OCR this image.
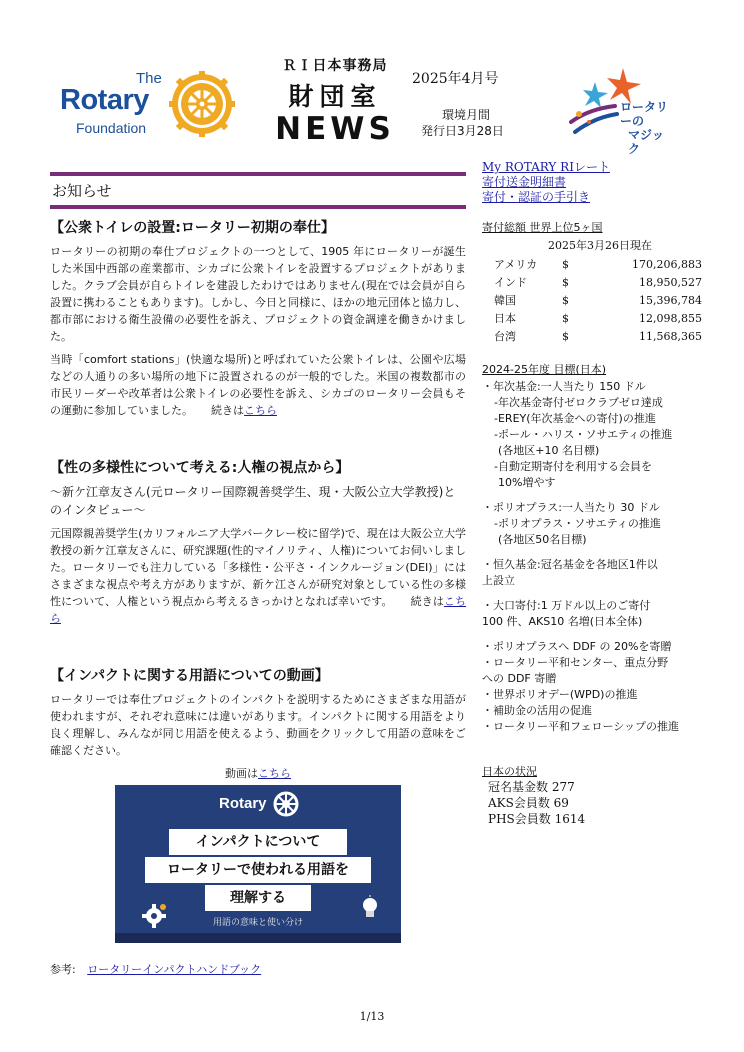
The
Rotary
Foundation
ＲＩ日本事務局
財団室
NEWS
2025年4月号
環境月間
発行日3月28日
ロータリーの
マジック
お知らせ
【公衆トイレの設置:ロータリー初期の奉仕】
ロータリーの初期の奉仕プロジェクトの一つとして、1905 年にロータリーが誕生した米国中西部の産業都市、シカゴに公衆トイレを設置するプロジェクトがありました。クラブ会員が自らトイレを建設したわけではありません(現在では会員が自ら設置に携わることもあります)。しかし、今日と同様に、ほかの地元団体と協力し、都市部における衛生設備の必要性を訴え、プロジェクトの資金調達を働きかけました。
当時「comfort stations」(快適な場所)と呼ばれていた公衆トイレは、公園や広場などの人通りの多い場所の地下に設置されるのが一般的でした。米国の複数都市の市民リーダーや改革者は公衆トイレの必要性を訴え、シカゴのロータリー会員もその運動に参加していました。 続きはこちら
【性の多様性について考える:人権の視点から】
～新ケ江章友さん(元ロータリー国際親善奨学生、現・大阪公立大学教授)とのインタビュー～
元国際親善奨学生(カリフォルニア大学バークレー校に留学)で、現在は大阪公立大学教授の新ケ江章友さんに、研究課題(性的マイノリティ、人権)についてお伺いしました。ロータリーでも注力している「多様性・公平さ・インクルージョン(DEI)」にはさまざまな視点や考え方がありますが、新ケ江さんが研究対象としている性の多様性について、人権という視点から考えるきっかけとなれば幸いです。 続きはこちら
【インパクトに関する用語についての動画】
ロータリーでは奉仕プロジェクトのインパクトを説明するためにさまざまな用語が使われますが、それぞれ意味には違いがあります。インパクトに関する用語をより良く理解し、みんなが同じ用語を使えるよう、動画をクリックして用語の意味をご確認ください。
動画はこちら
Rotary
インパクトについて
ロータリーで使われる用語を
理解する
用語の意味と使い分け
参考: ロータリーインパクトハンドブック
My ROTARY RIレート
寄付送金明細書
寄付・認証の手引き
寄付総額 世界上位5ヶ国
2025年3月26日現在
アメリカ	$	170,206,883
インド	$	18,950,527
韓国	$	15,396,784
日本	$	12,098,855
台湾	$	11,568,365
2024-25年度 目標(日本)
・年次基金:一人当たり 150 ドル
-年次基金寄付ゼロクラブゼロ達成
-EREY(年次基金への寄付)の推進
-ポール・ハリス・ソサエティの推進
(各地区+10 名目標)
-自動定期寄付を利用する会員を
10%増やす
・ポリオプラス:一人当たり 30 ドル
-ポリオプラス・ソサエティの推進
(各地区50名目標)
・恒久基金:冠名基金を各地区1件以
上設立
・大口寄付:1 万ドル以上のご寄付
100 件、AKS10 名増(日本全体)
・ポリオプラスへ DDF の 20%を寄贈
・ロータリー平和センター、重点分野
への DDF 寄贈
・世界ポリオデー(WPD)の推進
・補助金の活用の促進
・ロータリー平和フェローシップの推進
日本の状況
冠名基金数 277
AKS会員数 69
PHS会員数 1614
1/13
